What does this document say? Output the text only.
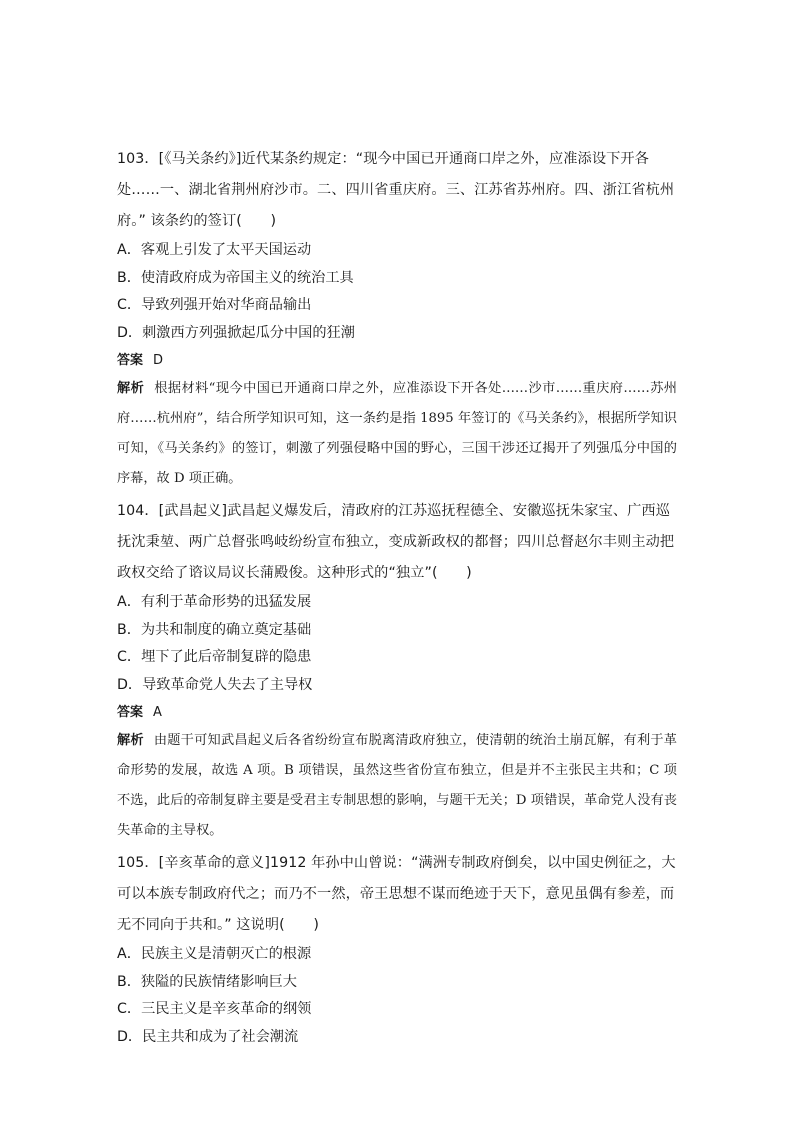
103．[《马关条约》]近代某条约规定：“现今中国已开通商口岸之外，应准添设下开各处……一、湖北省荆州府沙市。二、四川省重庆府。三、江苏省苏州府。四、浙江省杭州府。” 该条约的签订(　　)

A．客观上引发了太平天国运动
B．使清政府成为帝国主义的统治工具
C．导致列强开始对华商品输出
D．刺激西方列强掀起瓜分中国的狂潮

答案 D

解析 根据材料“现今中国已开通商口岸之外，应准添设下开各处……沙市……重庆府……苏州府……杭州府”，结合所学知识可知，这一条约是指 1895 年签订的《马关条约》，根据所学知识可知，《马关条约》的签订，刺激了列强侵略中国的野心，三国干涉还辽揭开了列强瓜分中国的序幕，故 D 项正确。

104．[武昌起义]武昌起义爆发后，清政府的江苏巡抚程德全、安徽巡抚朱家宝、广西巡抚沈秉堃、两广总督张鸣岐纷纷宣布独立，变成新政权的都督；四川总督赵尔丰则主动把政权交给了谘议局议长蒲殿俊。这种形式的“独立”(　　)

A．有利于革命形势的迅猛发展
B．为共和制度的确立奠定基础
C．埋下了此后帝制复辟的隐患
D．导致革命党人失去了主导权

答案 A

解析 由题干可知武昌起义后各省纷纷宣布脱离清政府独立，使清朝的统治土崩瓦解，有利于革命形势的发展，故选 A 项。B 项错误，虽然这些省份宣布独立，但是并不主张民主共和；C 项不选，此后的帝制复辟主要是受君主专制思想的影响，与题干无关；D 项错误，革命党人没有丧失革命的主导权。

105．[辛亥革命的意义]1912 年孙中山曾说：“满洲专制政府倒矣，以中国史例征之，大可以本族专制政府代之；而乃不一然，帝王思想不谋而绝迹于天下，意见虽偶有参差，而无不同向于共和。” 这说明(　　)

A．民族主义是清朝灭亡的根源
B．狭隘的民族情绪影响巨大
C．三民主义是辛亥革命的纲领
D．民主共和成为了社会潮流
